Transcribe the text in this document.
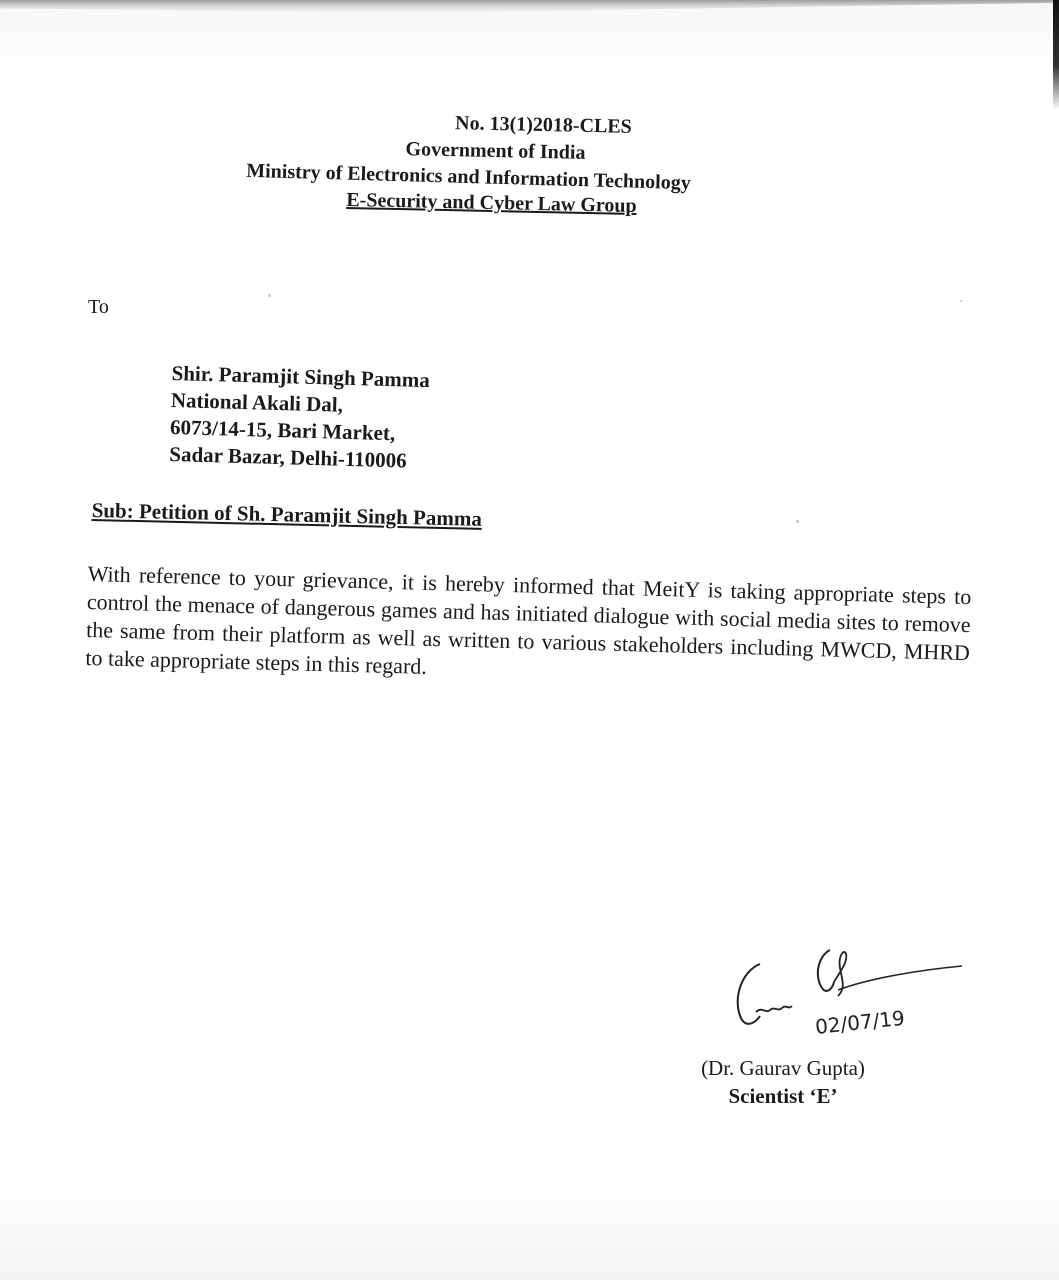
No. 13(1)2018-CLES
Government of India
Ministry of Electronics and Information Technology
E-Security and Cyber Law Group
To
Shir. Paramjit Singh Pamma
National Akali Dal,
6073/14-15, Bari Market,
Sadar Bazar, Delhi-110006
Sub: Petition of Sh. Paramjit Singh Pamma
With reference to your grievance, it is hereby informed that MeitY is taking appropriate steps to control the menace of dangerous games and has initiated dialogue with social media sites to remove the same from their platform as well as written to various stakeholders including MWCD, MHRD to take appropriate steps in this regard.
02/07/19
(Dr. Gaurav Gupta)
Scientist ‘E’
